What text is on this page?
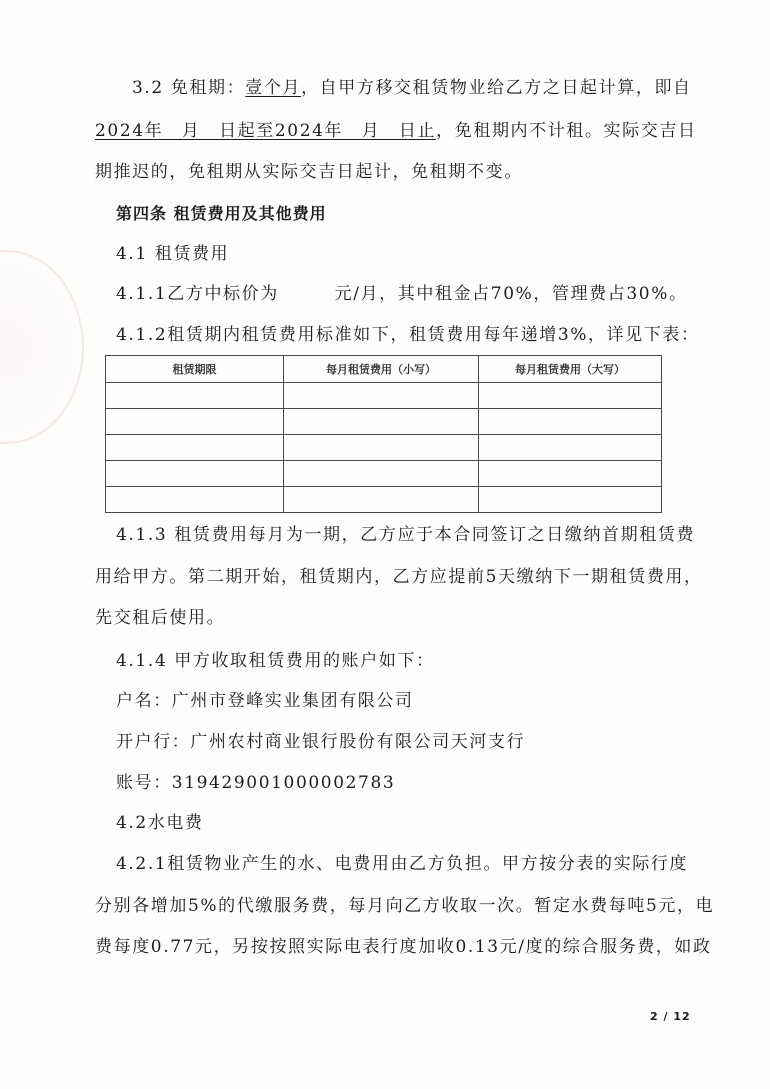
3.2 免租期：壹个月，自甲方移交租赁物业给乙方之日起计算，即自
2024年　月　日起至2024年　月　日止，免租期内不计租。实际交吉日
期推迟的，免租期从实际交吉日起计，免租期不变。
第四条 租赁费用及其他费用
4.1 租赁费用
4.1.1乙方中标价为　　　元/月，其中租金占70%，管理费占30%。
4.1.2租赁期内租赁费用标准如下，租赁费用每年递增3%，详见下表：
租赁期限	每月租赁费用（小写）	每月租赁费用（大写）

4.1.3 租赁费用每月为一期，乙方应于本合同签订之日缴纳首期租赁费
用给甲方。第二期开始，租赁期内，乙方应提前5天缴纳下一期租赁费用，
先交租后使用。
4.1.4 甲方收取租赁费用的账户如下：
户名：广州市登峰实业集团有限公司
开户行：广州农村商业银行股份有限公司天河支行
账号：319429001000002783
4.2水电费
4.2.1租赁物业产生的水、电费用由乙方负担。甲方按分表的实际行度
分别各增加5%的代缴服务费，每月向乙方收取一次。暂定水费每吨5元，电
费每度0.77元，另按按照实际电表行度加收0.13元/度的综合服务费，如政
2 / 12
